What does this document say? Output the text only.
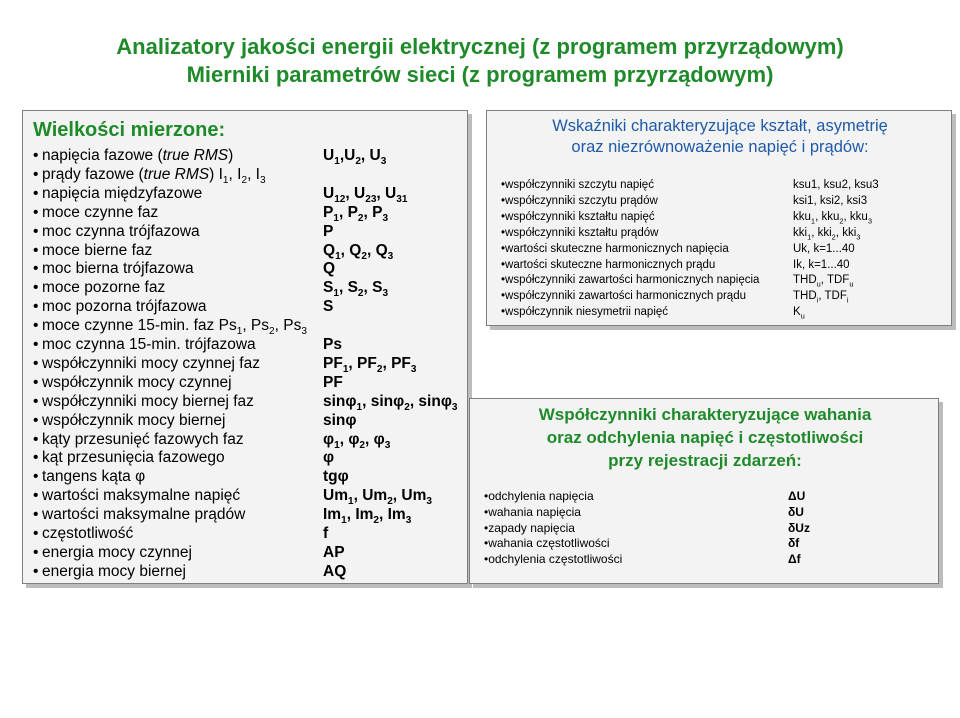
Analizatory jakości energii elektrycznej (z programem przyrządowym)
Mierniki parametrów sieci (z programem przyrządowym)
Wielkości mierzone:
• napięcia fazowe (true RMS)	$U_1,U_2$, $U_3$
• prądy fazowe (true RMS) $I_1$, $I_2$, $I_3$
• napięcia międzyfazowe	$U_{12}$, $U_{23}$, $U_{31}$
• moce czynne faz	$P_1$, $P_2$, $P_3$
• moc czynna trójfazowa	P
• moce bierne faz	$Q_1$, $Q_2$, $Q_3$
• moc bierna trójfazowa	Q
• moce pozorne faz	$S_1$, $S_2$, $S_3$
• moc pozorna trójfazowa	S
• moce czynne 15-min. faz $Ps_1$, $Ps_2$, $Ps_3$
• moc czynna 15-min. trójfazowa	Ps
• współczynniki mocy czynnej faz	$PF_1$, $PF_2$, $PF_3$
• współczynnik mocy czynnej	PF
• współczynniki mocy biernej faz	sinφ$_1$, sinφ$_2$, sinφ$_3$
• współczynnik mocy biernej	sinφ
• kąty przesunięć fazowych faz	$\varphi_1$, $\varphi_2$, $\varphi_3$
• kąt przesunięcia fazowego	φ
• tangens kąta φ	tgφ
• wartości maksymalne napięć	$Um_1$, $Um_2$, $Um_3$
• wartości maksymalne prądów	$Im_1$, $Im_2$, $Im_3$
• częstotliwość	f
• energia mocy czynnej	AP
• energia mocy biernej	AQ
Wskaźniki charakteryzujące kształt, asymetrię
oraz niezrównoważenie napięć i prądów:
•współczynniki szczytu napięć	ksu1, ksu2, ksu3
•współczynniki szczytu prądów	ksi1, ksi2, ksi3
•współczynniki kształtu napięć	kku$_1$, kku$_2$, kku$_3$
•współczynniki kształtu prądów	kki$_1$, kki$_2$, kki$_3$
•wartości skuteczne harmonicznych napięcia	Uk, k=1...40
•wartości skuteczne harmonicznych prądu	Ik, k=1...40
•współczynniki zawartości harmonicznych napięcia	$THD_u$, $TDF_u$
•współczynniki zawartości harmonicznych prądu	$THD_i$, $TDF_i$
•współczynnik niesymetrii napięć	$K_u$
Współczynniki charakteryzujące wahania
oraz odchylenia napięć i częstotliwości
przy rejestracji zdarzeń:
•odchylenia napięcia	ΔU
•wahania napięcia	δU
•zapady napięcia	δUz
•wahania częstotliwości	δf
•odchylenia częstotliwości	Δf
